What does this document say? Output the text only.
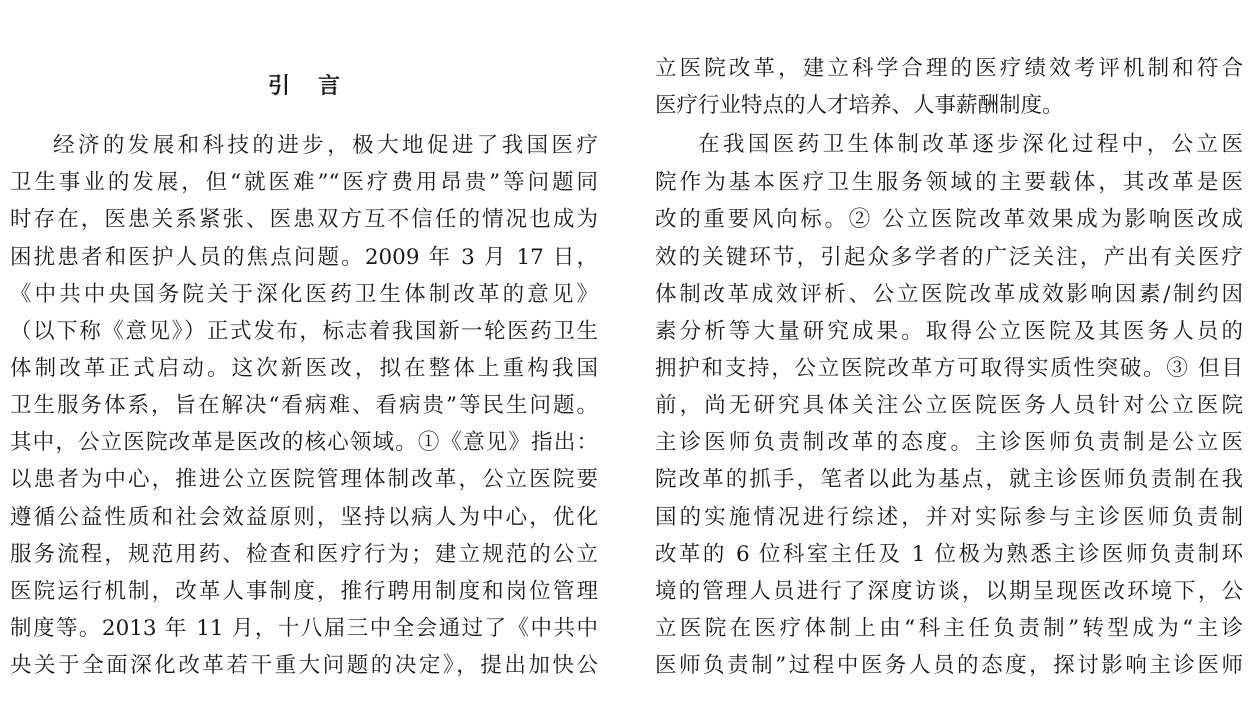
引言
经济的发展和科技的进步，极大地促进了我国医疗
卫生事业的发展，但“就医难”“医疗费用昂贵”等问题同
时存在，医患关系紧张、医患双方互不信任的情况也成为
困扰患者和医护人员的焦点问题。2009 年 3 月 17 日，
《中共中央国务院关于深化医药卫生体制改革的意见》
（以下称《意见》）正式发布，标志着我国新一轮医药卫生
体制改革正式启动。这次新医改，拟在整体上重构我国
卫生服务体系，旨在解决“看病难、看病贵”等民生问题。
其中，公立医院改革是医改的核心领域。①《意见》指出：
以患者为中心，推进公立医院管理体制改革，公立医院要
遵循公益性质和社会效益原则，坚持以病人为中心，优化
服务流程，规范用药、检查和医疗行为；建立规范的公立
医院运行机制，改革人事制度，推行聘用制度和岗位管理
制度等。2013 年 11 月，十八届三中全会通过了《中共中
央关于全面深化改革若干重大问题的决定》，提出加快公
立医院改革，建立科学合理的医疗绩效考评机制和符合
医疗行业特点的人才培养、人事薪酬制度。
在我国医药卫生体制改革逐步深化过程中，公立医
院作为基本医疗卫生服务领域的主要载体，其改革是医
改的重要风向标。② 公立医院改革效果成为影响医改成
效的关键环节，引起众多学者的广泛关注，产出有关医疗
体制改革成效评析、公立医院改革成效影响因素/制约因
素分析等大量研究成果。取得公立医院及其医务人员的
拥护和支持，公立医院改革方可取得实质性突破。③ 但目
前，尚无研究具体关注公立医院医务人员针对公立医院
主诊医师负责制改革的态度。主诊医师负责制是公立医
院改革的抓手，笔者以此为基点，就主诊医师负责制在我
国的实施情况进行综述，并对实际参与主诊医师负责制
改革的 6 位科室主任及 1 位极为熟悉主诊医师负责制环
境的管理人员进行了深度访谈，以期呈现医改环境下，公
立医院在医疗体制上由“科主任负责制”转型成为“主诊
医师负责制”过程中医务人员的态度，探讨影响主诊医师
